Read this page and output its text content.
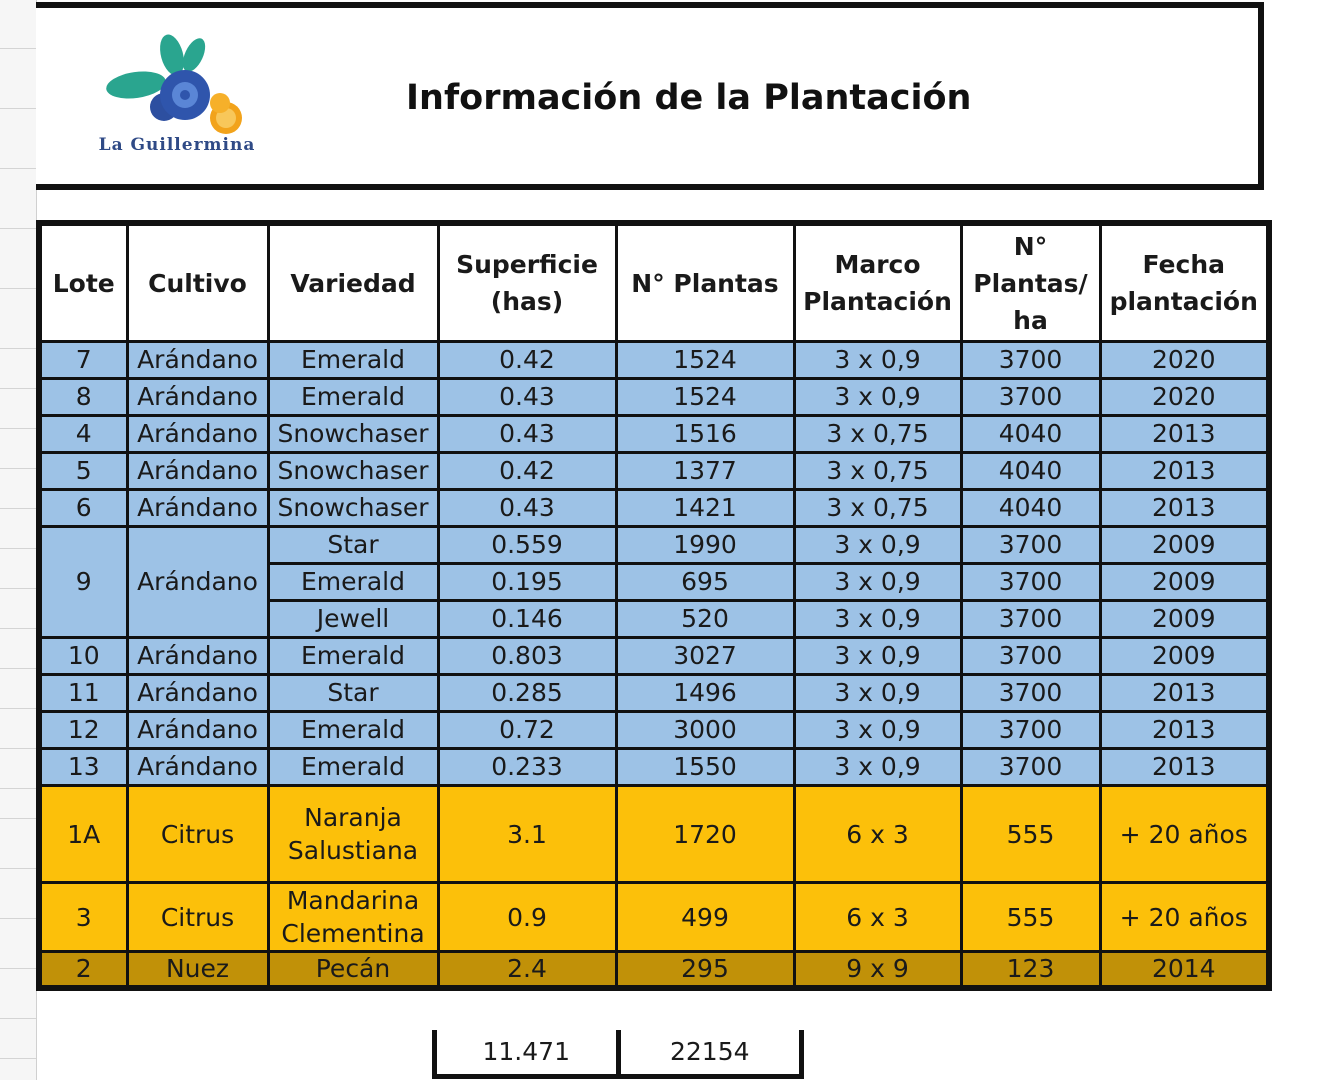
La Guillermina
Información de la Plantación
Lote	Cultivo	Variedad	Superficie (has)	N° Plantas	Marco Plantación	N° Plantas/ ha	Fecha plantación
7	Arándano	Emerald	0.42	1524	3 x 0,9	3700	2020
8	Arándano	Emerald	0.43	1524	3 x 0,9	3700	2020
4	Arándano	Snowchaser	0.43	1516	3 x 0,75	4040	2013
5	Arándano	Snowchaser	0.42	1377	3 x 0,75	4040	2013
6	Arándano	Snowchaser	0.43	1421	3 x 0,75	4040	2013
9	Arándano	Star	0.559	1990	3 x 0,9	3700	2009
		Emerald	0.195	695	3 x 0,9	3700	2009
		Jewell	0.146	520	3 x 0,9	3700	2009
10	Arándano	Emerald	0.803	3027	3 x 0,9	3700	2009
11	Arándano	Star	0.285	1496	3 x 0,9	3700	2013
12	Arándano	Emerald	0.72	3000	3 x 0,9	3700	2013
13	Arándano	Emerald	0.233	1550	3 x 0,9	3700	2013
1A	Citrus	Naranja Salustiana	3.1	1720	6 x 3	555	+ 20 años
3	Citrus	Mandarina Clementina	0.9	499	6 x 3	555	+ 20 años
2	Nuez	Pecán	2.4	295	9 x 9	123	2014
11.471	22154
